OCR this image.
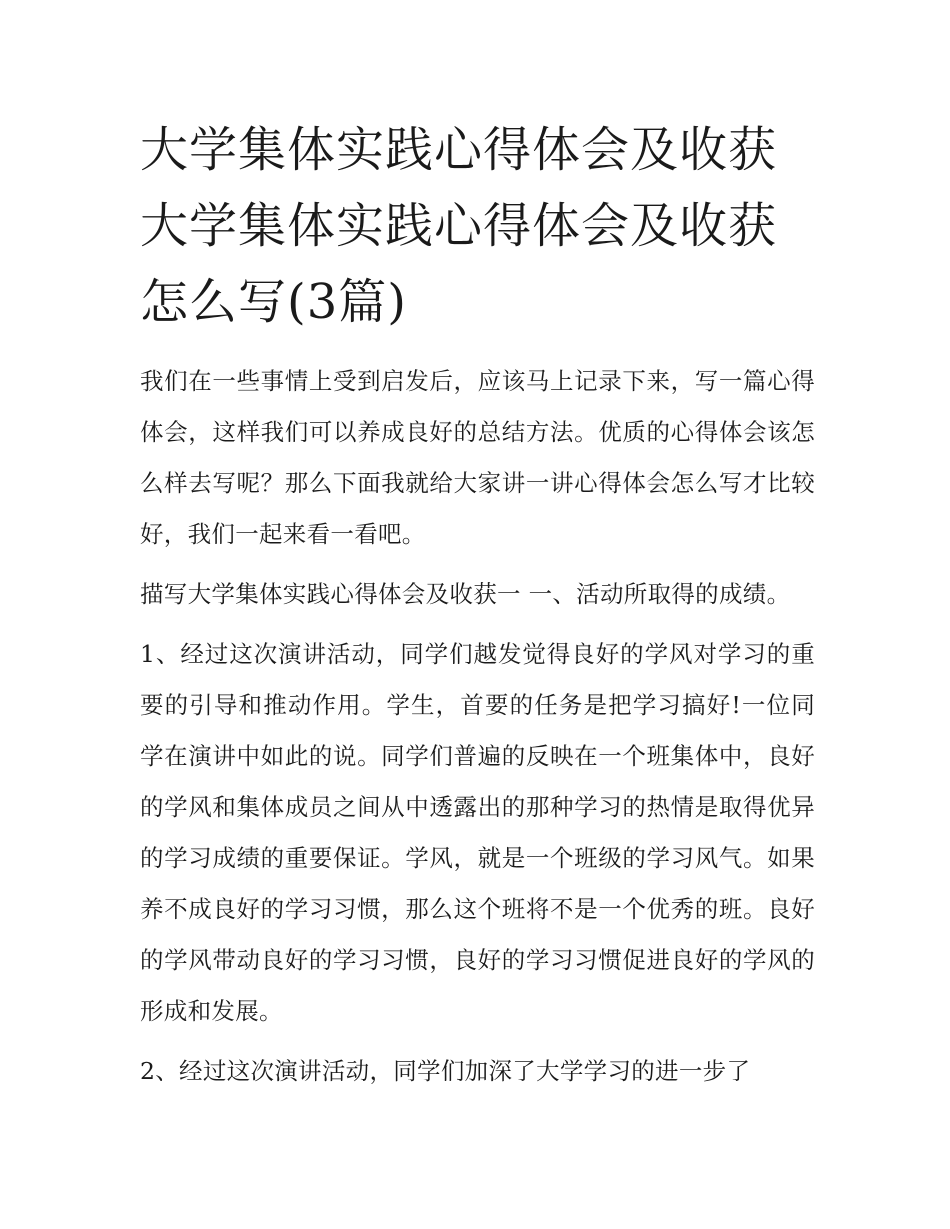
大学集体实践心得体会及收获
大学集体实践心得体会及收获
怎么写(3篇)

我们在一些事情上受到启发后，应该马上记录下来，写一篇心得体会，这样我们可以养成良好的总结方法。优质的心得体会该怎么样去写呢？那么下面我就给大家讲一讲心得体会怎么写才比较好，我们一起来看一看吧。

描写大学集体实践心得体会及收获一 一、活动所取得的成绩。

1、经过这次演讲活动，同学们越发觉得良好的学风对学习的重要的引导和推动作用。学生，首要的任务是把学习搞好!一位同学在演讲中如此的说。同学们普遍的反映在一个班集体中，良好的学风和集体成员之间从中透露出的那种学习的热情是取得优异的学习成绩的重要保证。学风，就是一个班级的学习风气。如果养不成良好的学习习惯，那么这个班将不是一个优秀的班。良好的学风带动良好的学习习惯，良好的学习习惯促进良好的学风的形成和发展。

2、经过这次演讲活动，同学们加深了大学学习的进一步了
